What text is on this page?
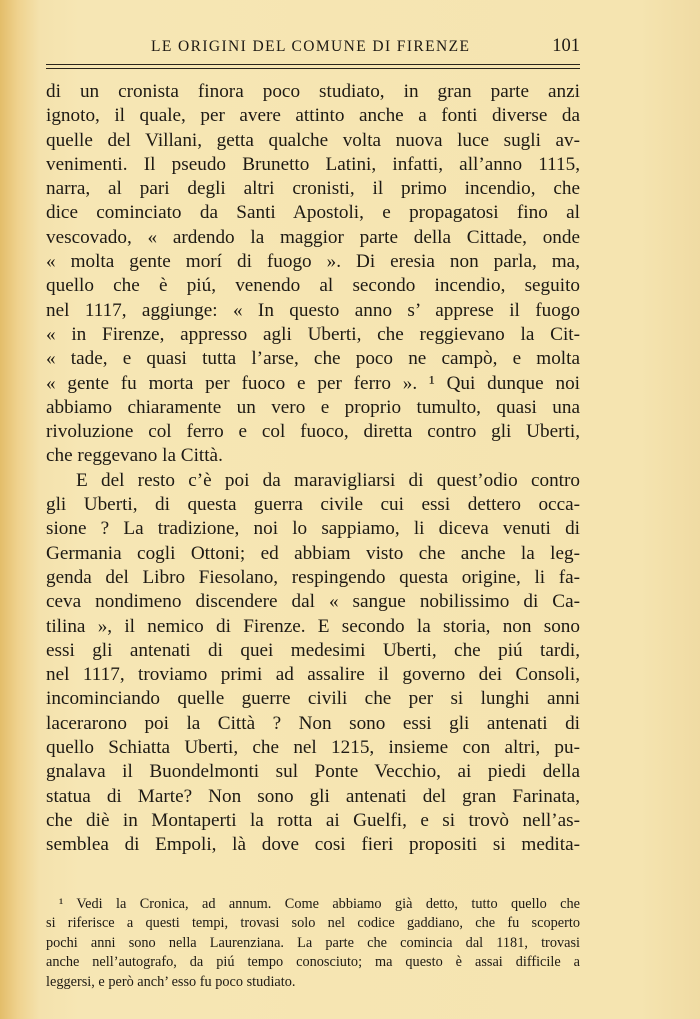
LE ORIGINI DEL COMUNE DI FIRENZE	101
di un cronista finora poco studiato, in gran parte anzi
ignoto, il quale, per avere attinto anche a fonti diverse da
quelle del Villani, getta qualche volta nuova luce sugli av-
venimenti. Il pseudo Brunetto Latini, infatti, all’anno 1115,
narra, al pari degli altri cronisti, il primo incendio, che
dice cominciato da Santi Apostoli, e propagatosi fino al
vescovado, « ardendo la maggior parte della Cittade, onde
« molta gente morí di fuogo ». Di eresia non parla, ma,
quello che è piú, venendo al secondo incendio, seguito
nel 1117, aggiunge: « In questo anno s’ apprese il fuogo
« in Firenze, appresso agli Uberti, che reggievano la Cit-
« tade, e quasi tutta l’arse, che poco ne campò, e molta
« gente fu morta per fuoco e per ferro ». ¹ Qui dunque noi
abbiamo chiaramente un vero e proprio tumulto, quasi una
rivoluzione col ferro e col fuoco, diretta contro gli Uberti,
che reggevano la Città.
E del resto c’è poi da maravigliarsi di quest’odio contro
gli Uberti, di questa guerra civile cui essi dettero occa-
sione ? La tradizione, noi lo sappiamo, li diceva venuti di
Germania cogli Ottoni; ed abbiam visto che anche la leg-
genda del Libro Fiesolano, respingendo questa origine, li fa-
ceva nondimeno discendere dal « sangue nobilissimo di Ca-
tilina », il nemico di Firenze. E secondo la storia, non sono
essi gli antenati di quei medesimi Uberti, che piú tardi,
nel 1117, troviamo primi ad assalire il governo dei Consoli,
incominciando quelle guerre civili che per si lunghi anni
lacerarono poi la Città ? Non sono essi gli antenati di
quello Schiatta Uberti, che nel 1215, insieme con altri, pu-
gnalava il Buondelmonti sul Ponte Vecchio, ai piedi della
statua di Marte? Non sono gli antenati del gran Farinata,
che diè in Montaperti la rotta ai Guelfi, e si trovò nell’as-
semblea di Empoli, là dove cosi fieri propositi si medita-
¹ Vedi la Cronica, ad annum. Come abbiamo già detto, tutto quello che
si riferisce a questi tempi, trovasi solo nel codice gaddiano, che fu scoperto
pochi anni sono nella Laurenziana. La parte che comincia dal 1181, trovasi
anche nell’autografo, da piú tempo conosciuto; ma questo è assai difficile a
leggersi, e però anch’ esso fu poco studiato.
